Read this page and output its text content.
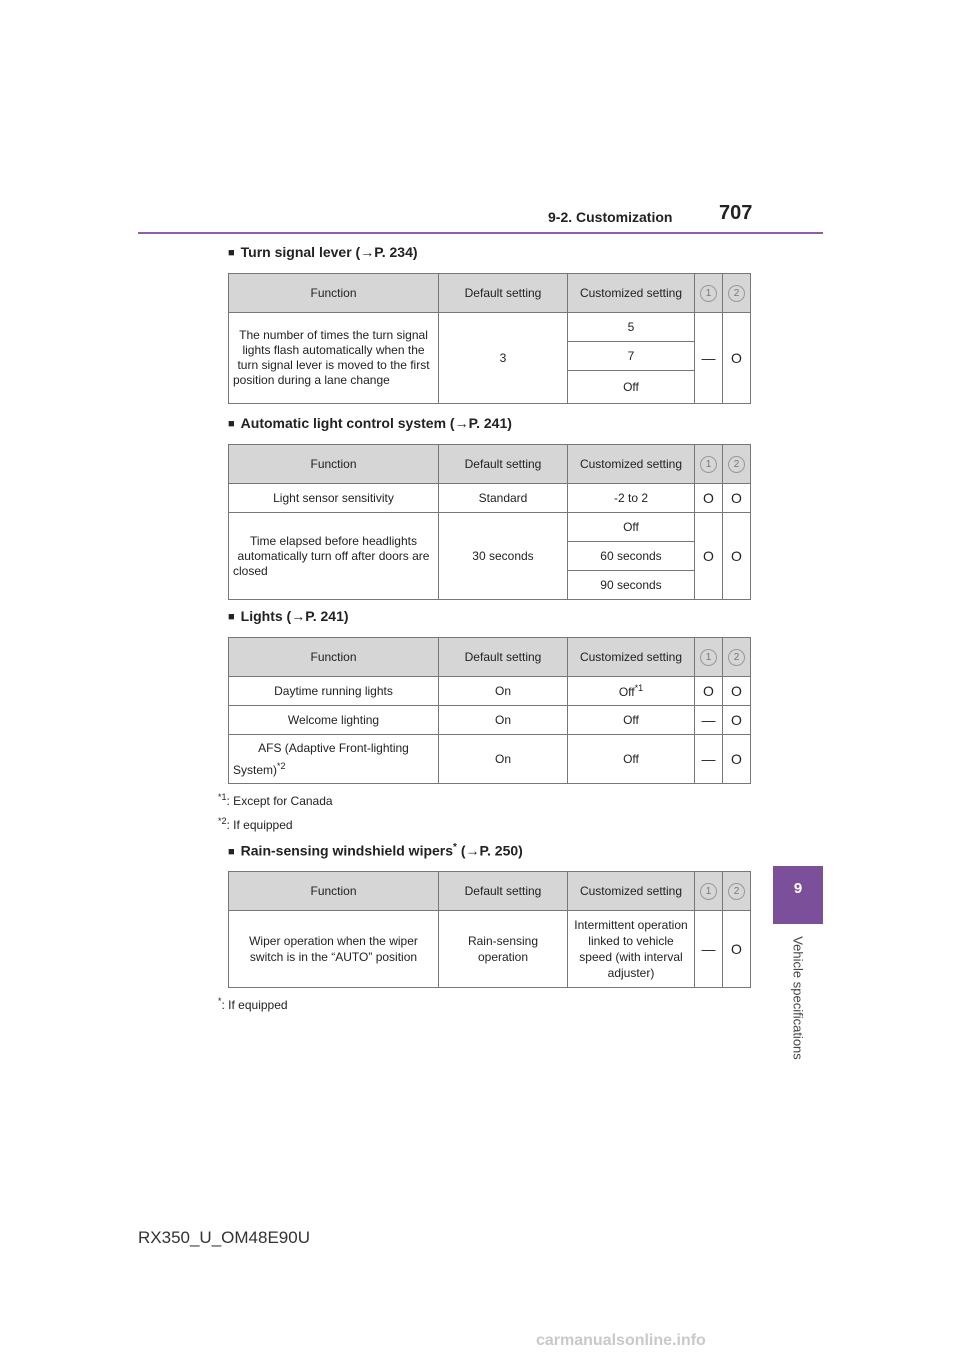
9-2. Customization 707
9
Vehicle specifications
■ Turn signal lever (→P. 234)
Function	Default setting	Customized setting	1	2
The number of times the turn signal lights flash automatically when the turn signal lever is moved to the first position during a lane change	3	5	—	O
		7		
		Off		
■ Automatic light control system (→P. 241)
Function	Default setting	Customized setting	1	2
Light sensor sensitivity	Standard	-2 to 2	O	O
Time elapsed before headlights automatically turn off after doors are closed	30 seconds	Off	O	O
		60 seconds		
		90 seconds		
■ Lights (→P. 241)
Function	Default setting	Customized setting	1	2
Daytime running lights	On	Off$^{*1}$	O	O
Welcome lighting	On	Off	—	O
AFS (Adaptive Front-lighting System)$^{*2}$	On	Off	—	O
$^{*1}$: Except for Canada
$^{*2}$: If equipped
■ Rain-sensing windshield wipers* (→P. 250)
Function	Default setting	Customized setting	1	2
Wiper operation when the wiper switch is in the “AUTO” position	Rain-sensing operation	Intermittent operation linked to vehicle speed (with interval adjuster)	—	O
*: If equipped
RX350_U_OM48E90U
carmanualsonline.info
